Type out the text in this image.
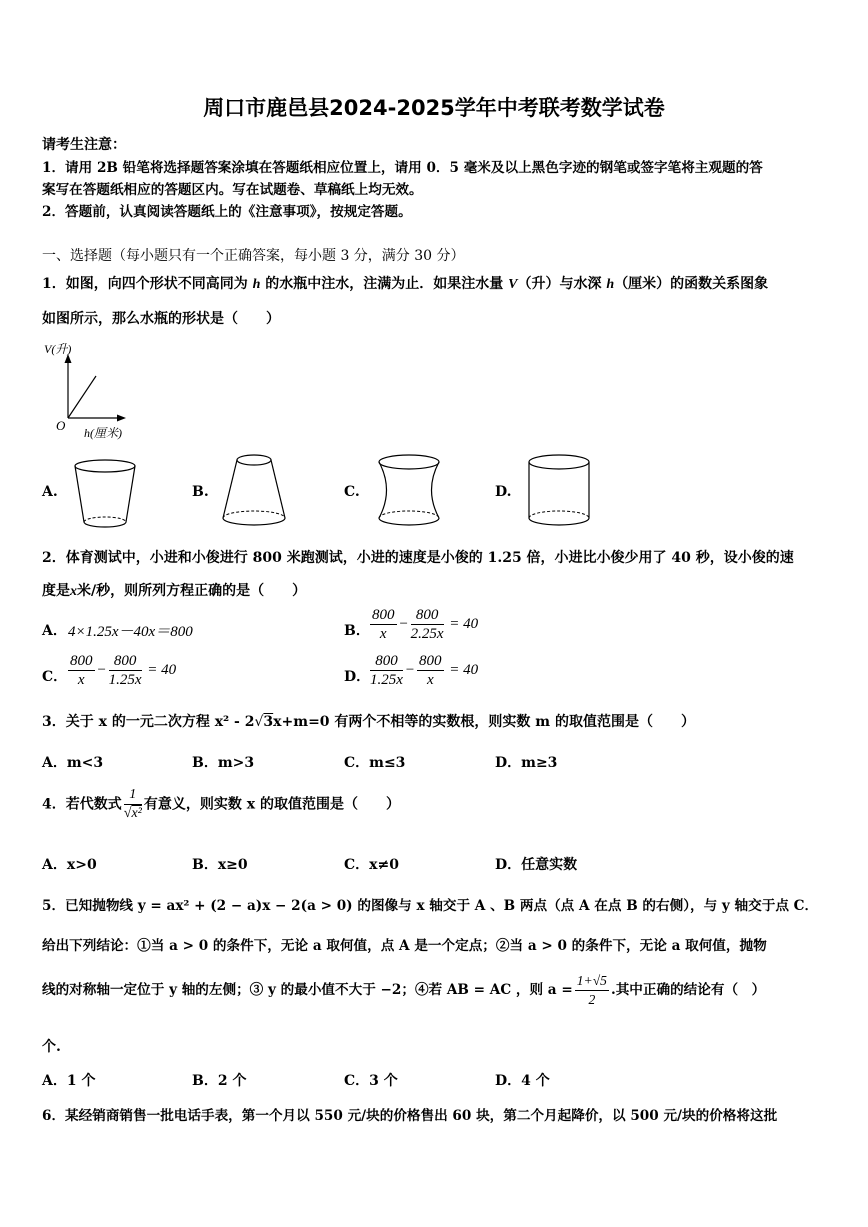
周口市鹿邑县2024-2025学年中考联考数学试卷
请考生注意：
1．请用 2B 铅笔将选择题答案涂填在答题纸相应位置上，请用 0．5 毫米及以上黑色字迹的钢笔或签字笔将主观题的答
案写在答题纸相应的答题区内。写在试题卷、草稿纸上均无效。
2．答题前，认真阅读答题纸上的《注意事项》，按规定答题。
一、选择题（每小题只有一个正确答案，每小题 3 分，满分 30 分）
1．如图，向四个形状不同高同为 h 的水瓶中注水，注满为止．如果注水量 V（升）与水深 h（厘米）的函数关系图象
如图所示，那么水瓶的形状是（　　）
V(升)
O h(厘米)
A.	B.	C.	D.
2．体育测试中，小进和小俊进行 800 米跑测试，小进的速度是小俊的 1.25 倍，小进比小俊少用了 40 秒，设小俊的速
度是x米/秒，则所列方程正确的是（　　）
A． 4×1.25x－40x＝800	B． $\frac{800}{x} - \frac{800}{2.25x} = 40$
C． $\frac{800}{x} - \frac{800}{1.25x} = 40$	D． $\frac{800}{1.25x} - \frac{800}{x} = 40$
3．关于 x 的一元二次方程 x² - 2√3x+m=0 有两个不相等的实数根，则实数 m 的取值范围是（　　）
A．m<3	B．m>3	C．m≤3	D．m≥3
4．若代数式 $\frac{1}{\text{√x²}}$ 有意义，则实数 x 的取值范围是（　　）
A．x>0	B．x≥0	C．x≠0	D．任意实数
5．已知抛物线 y = ax² + (2 − a)x − 2(a > 0) 的图像与 x 轴交于 A 、B 两点（点 A 在点 B 的右侧），与 y 轴交于点 C．
给出下列结论：①当 a > 0 的条件下，无论 a 取何值，点 A 是一个定点；②当 a > 0 的条件下，无论 a 取何值，抛物
线的对称轴一定位于 y 轴的左侧；③ y 的最小值不大于 −2；④若 AB = AC ，则 $a = \frac{1+√5}{2}$ .其中正确的结论有（　）
个.
A．1 个	B．2 个	C．3 个	D．4 个
6．某经销商销售一批电话手表，第一个月以 550 元/块的价格售出 60 块，第二个月起降价，以 500 元/块的价格将这批
